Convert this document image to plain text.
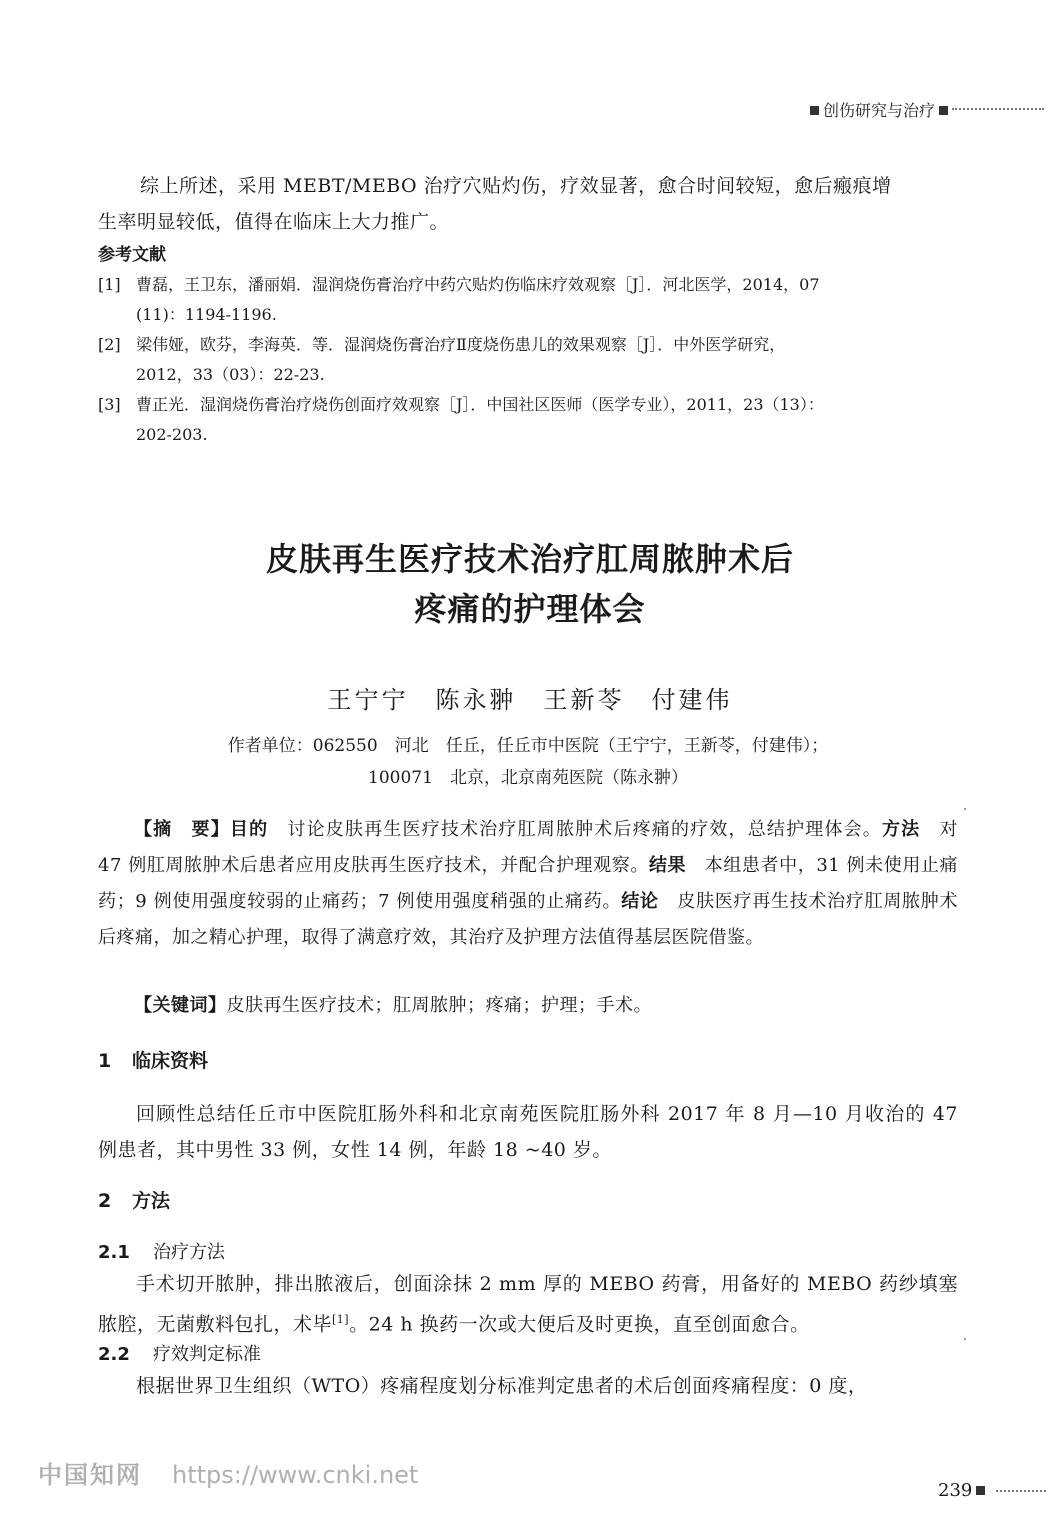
创伤研究与治疗
综上所述，采用 MEBT/MEBO 治疗穴贴灼伤，疗效显著，愈合时间较短，愈后瘢痕增
生率明显较低，值得在临床上大力推广。
参考文献
[1] 曹磊，王卫东，潘丽娟．湿润烧伤膏治疗中药穴贴灼伤临床疗效观察［J］．河北医学，2014，07
(11)：1194-1196.
[2] 梁伟娅，欧芬，李海英．等．湿润烧伤膏治疗Ⅱ度烧伤患儿的效果观察［J］．中外医学研究，
2012，33（03）：22-23.
[3] 曹正光．湿润烧伤膏治疗烧伤创面疗效观察［J］．中国社区医师（医学专业），2011，23（13）：
202-203.
皮肤再生医疗技术治疗肛周脓肿术后
疼痛的护理体会
王宁宁　陈永翀　王新苓　付建伟
作者单位：062550　河北　任丘，任丘市中医院（王宁宁，王新苓，付建伟）；
100071　北京，北京南苑医院（陈永翀）
【摘　要】目的　讨论皮肤再生医疗技术治疗肛周脓肿术后疼痛的疗效，总结护理体会。方法　对 47 例肛周脓肿术后患者应用皮肤再生医疗技术，并配合护理观察。结果　本组患者中，31 例未使用止痛药；9 例使用强度较弱的止痛药；7 例使用强度稍强的止痛药。结论　皮肤医疗再生技术治疗肛周脓肿术后疼痛，加之精心护理，取得了满意疗效，其治疗及护理方法值得基层医院借鉴。
【关键词】皮肤再生医疗技术；肛周脓肿；疼痛；护理；手术。
1 临床资料
回顾性总结任丘市中医院肛肠外科和北京南苑医院肛肠外科 2017 年 8 月—10 月收治的 47 例患者，其中男性 33 例，女性 14 例，年龄 18 ~40 岁。
2 方法
2.1 治疗方法
手术切开脓肿，排出脓液后，创面涂抹 2 mm 厚的 MEBO 药膏，用备好的 MEBO 药纱填塞脓腔，无菌敷料包扎，术毕[1]。24 h 换药一次或大便后及时更换，直至创面愈合。
2.2 疗效判定标准
根据世界卫生组织（WTO）疼痛程度划分标准判定患者的术后创面疼痛程度：0 度，
239
中国知网 https://www.cnki.net
